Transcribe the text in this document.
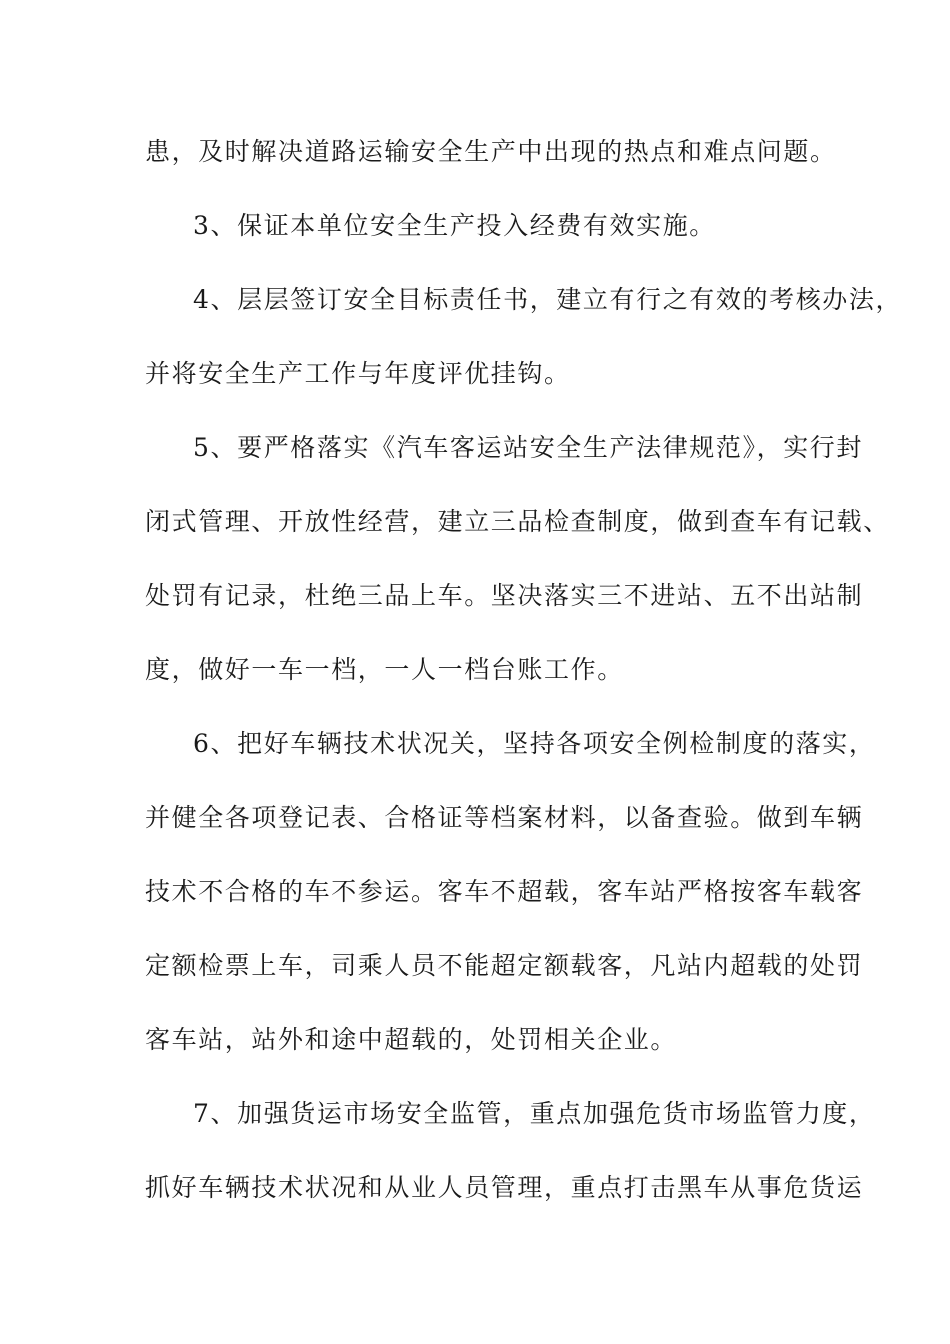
患，及时解决道路运输安全生产中出现的热点和难点问题。
3、保证本单位安全生产投入经费有效实施。
4、层层签订安全目标责任书，建立有行之有效的考核办法，
并将安全生产工作与年度评优挂钩。
5、要严格落实《汽车客运站安全生产法律规范》，实行封
闭式管理、开放性经营，建立三品检查制度，做到查车有记载、
处罚有记录，杜绝三品上车。坚决落实三不进站、五不出站制
度，做好一车一档，一人一档台账工作。
6、把好车辆技术状况关，坚持各项安全例检制度的落实，
并健全各项登记表、合格证等档案材料，以备查验。做到车辆
技术不合格的车不参运。客车不超载，客车站严格按客车载客
定额检票上车，司乘人员不能超定额载客，凡站内超载的处罚
客车站，站外和途中超载的，处罚相关企业。
7、加强货运市场安全监管，重点加强危货市场监管力度，
抓好车辆技术状况和从业人员管理，重点打击黑车从事危货运
